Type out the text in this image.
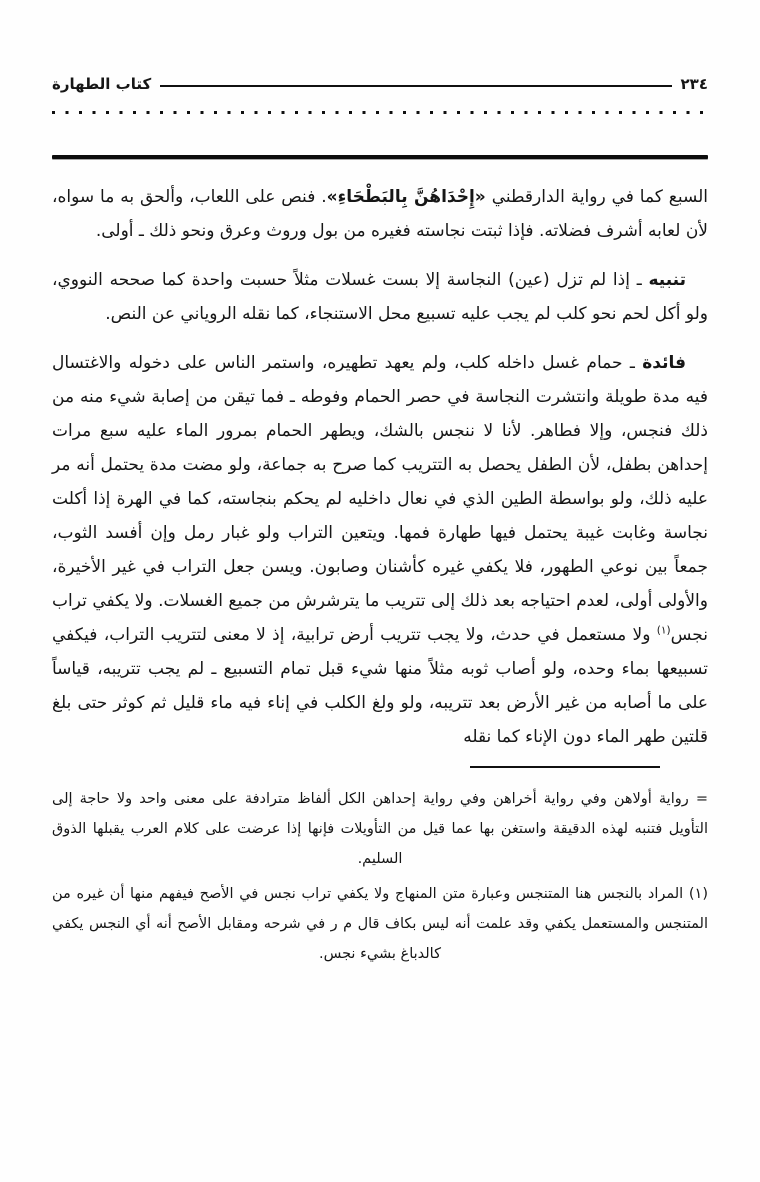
كتاب الطهارة	٢٣٤

السبع كما في رواية الدارقطني «إِحْدَاهُنَّ بِالبَطْحَاءِ». فنص على اللعاب، وألحق به ما سواه، لأن لعابه أشرف فضلاته. فإذا ثبتت نجاسته فغيره من بول وروث وعرق ونحو ذلك ـ أولى.

تنبيه ـ إذا لم تزل (عين) النجاسة إلا بست غسلات مثلاً حسبت واحدة كما صححه النووي، ولو أكل لحم نحو كلب لم يجب عليه تسبيع محل الاستنجاء، كما نقله الروياني عن النص.

فائدة ـ حمام غسل داخله كلب، ولم يعهد تطهيره، واستمر الناس على دخوله والاغتسال فيه مدة طويلة وانتشرت النجاسة في حصر الحمام وفوطه ـ فما تيقن من إصابة شيء منه من ذلك فنجس، وإلا فطاهر. لأنا لا ننجس بالشك، ويطهر الحمام بمرور الماء عليه سبع مرات إحداهن بطفل، لأن الطفل يحصل به التتريب كما صرح به جماعة، ولو مضت مدة يحتمل أنه مر عليه ذلك، ولو بواسطة الطين الذي في نعال داخليه لم يحكم بنجاسته، كما في الهرة إذا أكلت نجاسة وغابت غيبة يحتمل فيها طهارة فمها. ويتعين التراب ولو غبار رمل وإن أفسد الثوب، جمعاً بين نوعي الطهور، فلا يكفي غيره كأشنان وصابون. ويسن جعل التراب في غير الأخيرة، والأولى أولى، لعدم احتياجه بعد ذلك إلى تتريب ما يترشرش من جميع الغسلات. ولا يكفي تراب نجس$^{(١)}$ ولا مستعمل في حدث، ولا يجب تتريب أرض ترابية، إذ لا معنى لتتريب التراب، فيكفي تسبيعها بماء وحده، ولو أصاب ثوبه مثلاً منها شيء قبل تمام التسبيع ـ لم يجب تتريبه، قياساً على ما أصابه من غير الأرض بعد تتريبه، ولو ولغ الكلب في إناء فيه ماء قليل ثم كوثر حتى بلغ قلتين طهر الماء دون الإناء كما نقله

= رواية أولاهن وفي رواية أخراهن وفي رواية إحداهن الكل ألفاظ مترادفة على معنى واحد ولا حاجة إلى التأويل فتنبه لهذه الدقيقة واستغن بها عما قيل من التأويلات فإنها إذا عرضت على كلام العرب يقبلها الذوق السليم.

(١) المراد بالنجس هنا المتنجس وعبارة متن المنهاج ولا يكفي تراب نجس في الأصح فيفهم منها أن غيره من المتنجس والمستعمل يكفي وقد علمت أنه ليس بكاف قال م ر في شرحه ومقابل الأصح أنه أي النجس يكفي كالدباغ بشيء نجس.
